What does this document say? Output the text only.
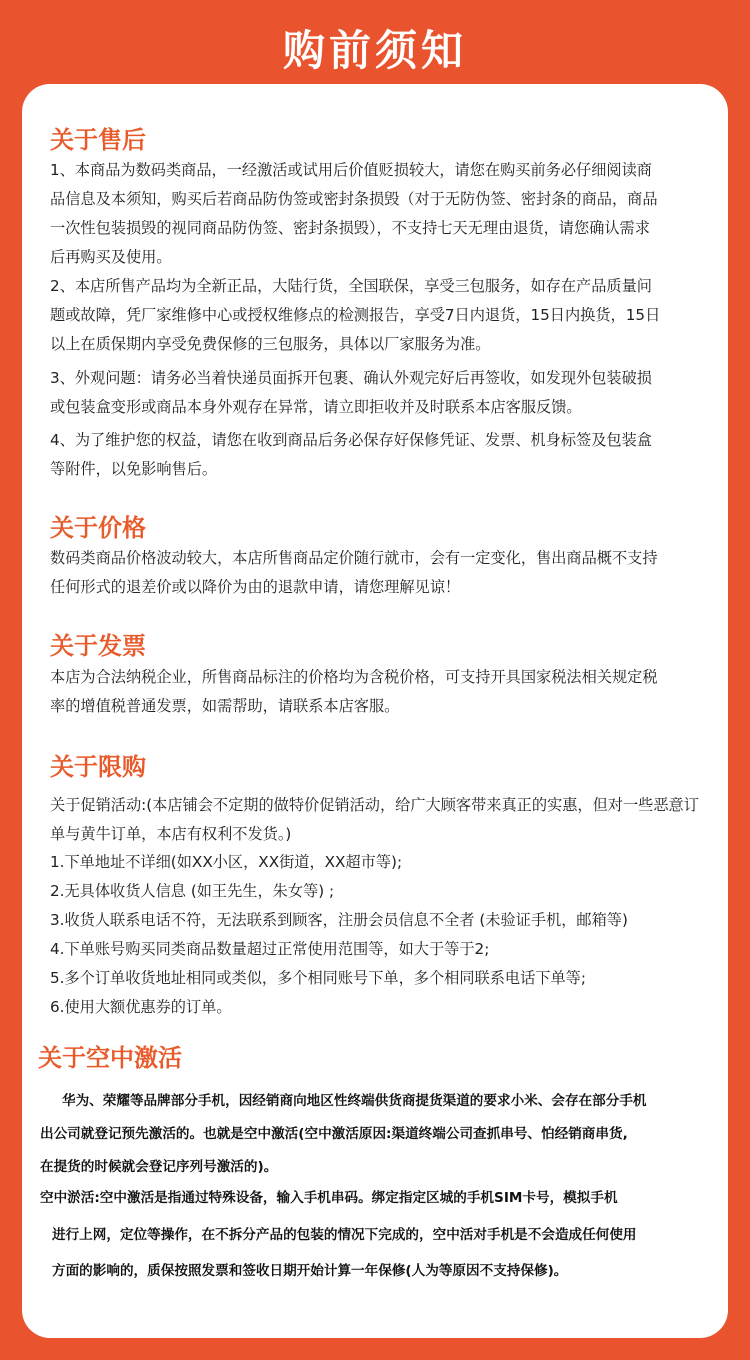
购前须知
关于售后
1、本商品为数码类商品，一经激活或试用后价值贬损较大，请您在购买前务必仔细阅读商
品信息及本须知，购买后若商品防伪签或密封条损毁（对于无防伪签、密封条的商品，商品
一次性包装损毁的视同商品防伪签、密封条损毁），不支持七天无理由退货，请您确认需求
后再购买及使用。
2、本店所售产品均为全新正品，大陆行货，全国联保，享受三包服务，如存在产品质量问
题或故障，凭厂家维修中心或授权维修点的检测报告，享受7日内退货，15日内换货，15日
以上在质保期内享受免费保修的三包服务，具体以厂家服务为准。
3、外观问题：请务必当着快递员面拆开包裹、确认外观完好后再签收，如发现外包装破损
或包装盒变形或商品本身外观存在异常，请立即拒收并及时联系本店客服反馈。
4、为了维护您的权益，请您在收到商品后务必保存好保修凭证、发票、机身标签及包装盒
等附件，以免影响售后。
关于价格
数码类商品价格波动较大，本店所售商品定价随行就市，会有一定变化，售出商品概不支持
任何形式的退差价或以降价为由的退款申请，请您理解见谅！
关于发票
本店为合法纳税企业，所售商品标注的价格均为含税价格，可支持开具国家税法相关规定税
率的增值税普通发票，如需帮助，请联系本店客服。
关于限购
关于促销活动:(本店铺会不定期的做特价促销活动，给广大顾客带来真正的实惠，但对一些恶意订
单与黄牛订单，本店有权利不发货。)
1.下单地址不详细(如XX小区，XX街道，XX超市等);
2.无具体收货人信息 (如王先生，朱女等) ;
3.收货人联系电话不符，无法联系到顾客，注册会员信息不全者 (未验证手机，邮箱等)
4.下单账号购买同类商品数量超过正常使用范围等，如大于等于2;
5.多个订单收货地址相同或类似，多个相同账号下单，多个相同联系电话下单等;
6.使用大额优惠券的订单。
关于空中激活
华为、荣耀等品牌部分手机，因经销商向地区性终端供货商提货渠道的要求小米、会存在部分手机
出公司就登记预先激活的。也就是空中激活(空中激活原因:渠道终端公司查抓串号、怕经销商串货,
在提货的时候就会登记序列号激活的)。
空中淤活:空中激活是指通过特殊设备，输入手机串码。绑定指定区城的手机SIM卡号，模拟手机
进行上网，定位等操作，在不拆分产品的包装的情况下完成的，空中活对手机是不会造成任何使用
方面的影响的，质保按照发票和签收日期开始计算一年保修(人为等原因不支持保修)。
